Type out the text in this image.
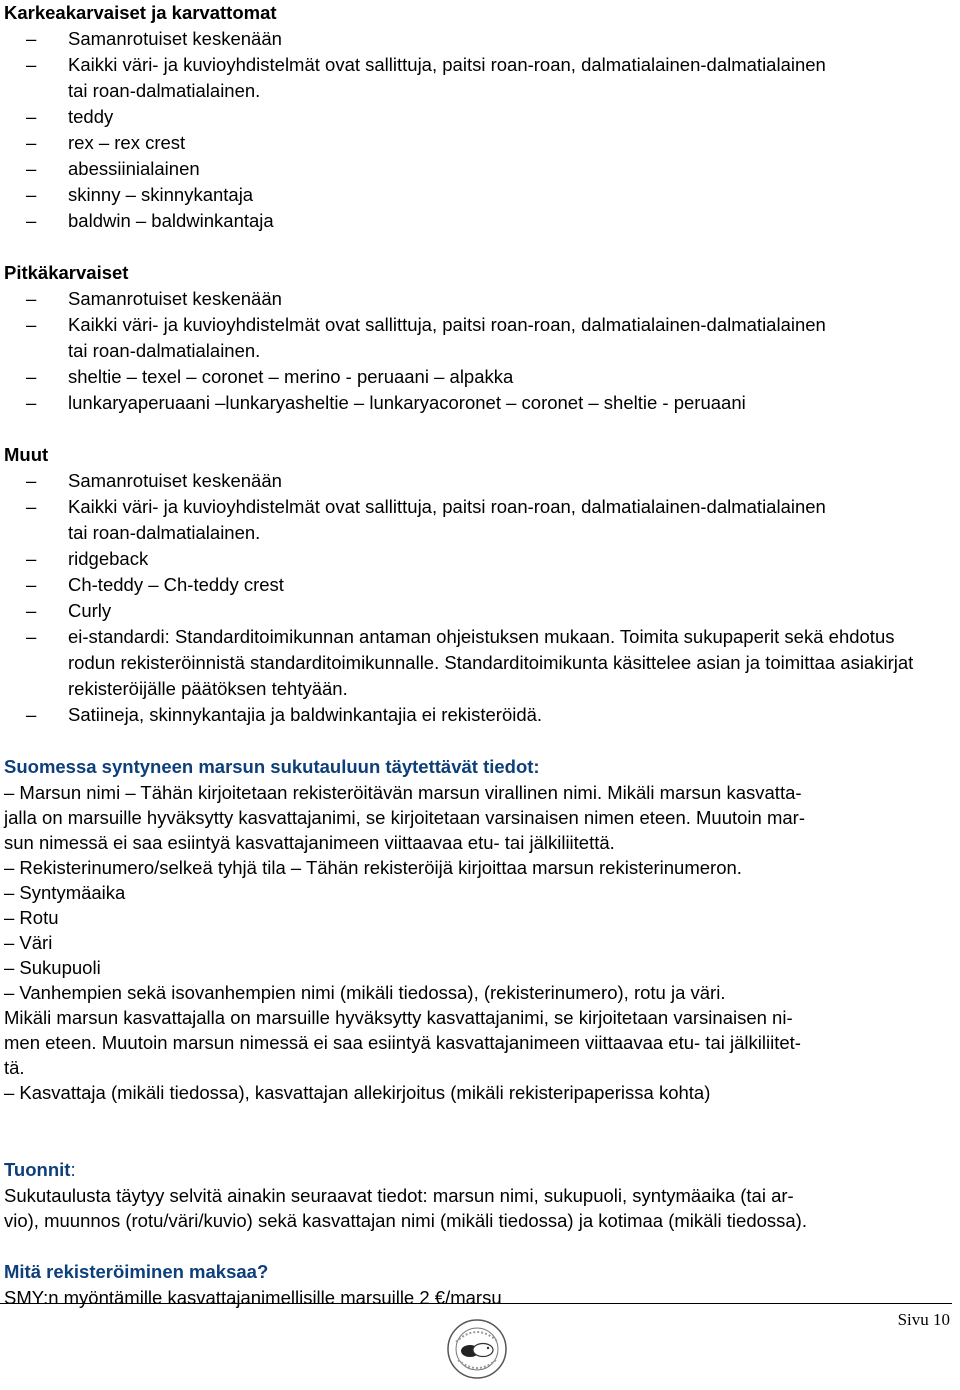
Karkeakarvaiset ja karvattomat

–	Samanrotuiset keskenään
–	Kaikki väri- ja kuvioyhdistelmät ovat sallittuja, paitsi roan-roan, dalmatialainen-dalmatialainen tai roan-dalmatialainen.
–	teddy
–	rex – rex crest
–	abessiinialainen
–	skinny – skinnykantaja
–	baldwin – baldwinkantaja

Pitkäkarvaiset

–	Samanrotuiset keskenään
–	Kaikki väri- ja kuvioyhdistelmät ovat sallittuja, paitsi roan-roan, dalmatialainen-dalmatialainen tai roan-dalmatialainen.
–	sheltie – texel – coronet – merino - peruaani – alpakka
–	lunkaryaperuaani –lunkaryasheltie – lunkaryacoronet – coronet – sheltie - peruaani

Muut

–	Samanrotuiset keskenään
–	Kaikki väri- ja kuvioyhdistelmät ovat sallittuja, paitsi roan-roan, dalmatialainen-dalmatialainen tai roan-dalmatialainen.
–	ridgeback
–	Ch-teddy – Ch-teddy crest
–	Curly
–	ei-standardi: Standarditoimikunnan antaman ohjeistuksen mukaan. Toimita sukupaperit sekä ehdotus rodun rekisteröinnistä standarditoimikunnalle. Standarditoimikunta käsittelee asian ja toimittaa asiakirjat rekisteröijälle päätöksen tehtyään.
–	Satiineja, skinnykantajia ja baldwinkantajia ei rekisteröidä.

Suomessa syntyneen marsun sukutauluun täytettävät tiedot:

– Marsun nimi – Tähän kirjoitetaan rekisteröitävän marsun virallinen nimi. Mikäli marsun kasvatta-

jalla on marsuille hyväksytty kasvattajanimi, se kirjoitetaan varsinaisen nimen eteen. Muutoin mar-

sun nimessä ei saa esiintyä kasvattajanimeen viittaavaa etu- tai jälkiliitettä.

– Rekisterinumero/selkeä tyhjä tila – Tähän rekisteröijä kirjoittaa marsun rekisterinumeron.

– Syntymäaika

– Rotu

– Väri

– Sukupuoli

– Vanhempien sekä isovanhempien nimi (mikäli tiedossa), (rekisterinumero), rotu ja väri.

Mikäli marsun kasvattajalla on marsuille hyväksytty kasvattajanimi, se kirjoitetaan varsinaisen ni-

men eteen. Muutoin marsun nimessä ei saa esiintyä kasvattajanimeen viittaavaa etu- tai jälkiliitet-

tä.

– Kasvattaja (mikäli tiedossa), kasvattajan allekirjoitus (mikäli rekisteripaperissa kohta)

Tuonnit:

Sukutaulusta täytyy selvitä ainakin seuraavat tiedot: marsun nimi, sukupuoli, syntymäaika (tai ar-

vio), muunnos (rotu/väri/kuvio) sekä kasvattajan nimi (mikäli tiedossa) ja kotimaa (mikäli tiedossa).

Mitä rekisteröiminen maksaa?

SMY:n myöntämille kasvattajanimellisille marsuille 2 €/marsu

Sivu 10
